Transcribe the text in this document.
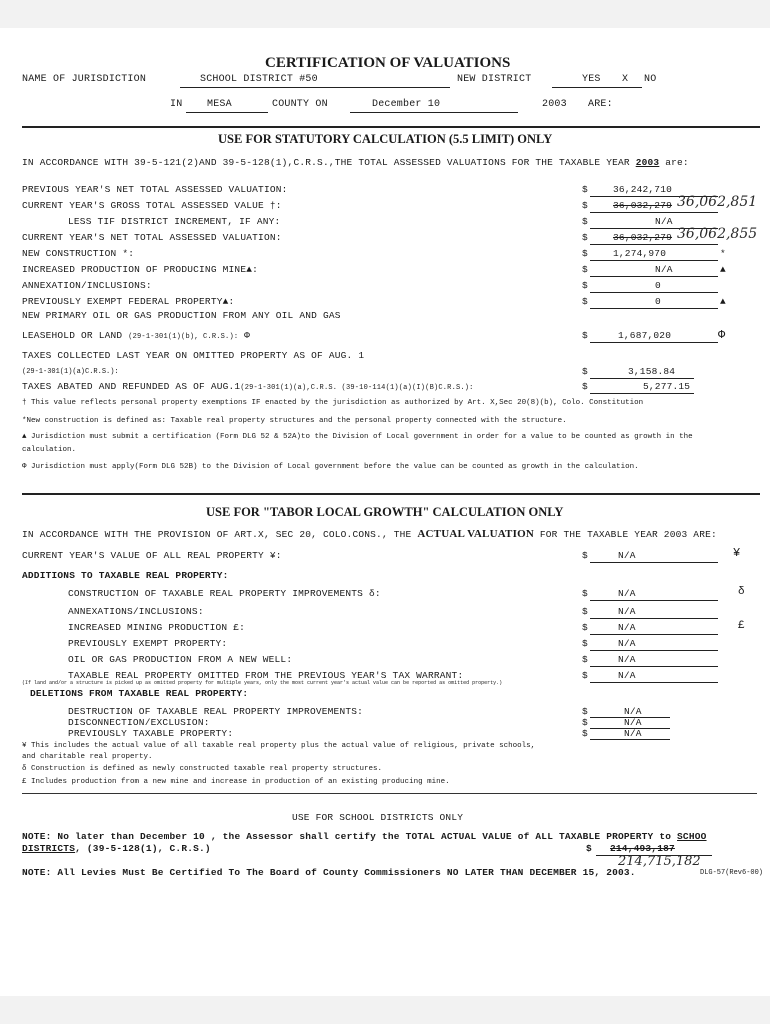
CERTIFICATION OF VALUATIONS
NAME OF JURISDICTION	SCHOOL DISTRICT #50	NEW DISTRICT	YES X NO
IN MESA	COUNTY ON	December 10	2003 ARE:
USE FOR STATUTORY CALCULATION (5.5 LIMIT) ONLY
IN ACCORDANCE WITH 39-5-121(2)AND 39-5-128(1),C.R.S.,THE TOTAL ASSESSED VALUATIONS FOR THE TAXABLE YEAR 2003 are:
PREVIOUS YEAR'S NET TOTAL ASSESSED VALUATION:	$	36,242,710
CURRENT YEAR'S GROSS TOTAL ASSESSED VALUE †:	$	36,032,279 36,062,851
LESS TIF DISTRICT INCREMENT, IF ANY:	$	N/A
CURRENT YEAR'S NET TOTAL ASSESSED VALUATION:	$	36,032,279 36,062,855
NEW CONSTRUCTION *:	$	1,274,970	*
INCREASED PRODUCTION OF PRODUCING MINE▲:	$	N/A	▲
ANNEXATION/INCLUSIONS:	$	0
PREVIOUSLY EXEMPT FEDERAL PROPERTY▲:	$	0	▲
NEW PRIMARY OIL OR GAS PRODUCTION FROM ANY OIL AND GAS
LEASEHOLD OR LAND (29-1-301(1)(b), C.R.S.): Φ	$	1,687,020	Φ
TAXES COLLECTED LAST YEAR ON OMITTED PROPERTY AS OF AUG. 1
(29-1-301(1)(a)C.R.S.):	$	3,158.84
TAXES ABATED AND REFUNDED AS OF AUG.1(29-1-301(1)(a),C.R.S. (39-10-114(1)(a)(I)(B)C.R.S.):	$	5,277.15
† This value reflects personal property exemptions IF enacted by the jurisdiction as authorized by Art. X,Sec 20(8)(b), Colo. Constitution
*New construction is defined as: Taxable real property structures and the personal property connected with the structure.
▲ Jurisdiction must submit a certification (Form DLG 52 & 52A)to the Division of Local government in order for a value to be counted as growth in the
calculation.
Φ Jurisdiction must apply(Form DLG 52B) to the Division of Local government before the value can be counted as growth in the calculation.
USE FOR "TABOR LOCAL GROWTH" CALCULATION ONLY
IN ACCORDANCE WITH THE PROVISION OF ART.X, SEC 20, COLO.CONS., THE ACTUAL VALUATION FOR THE TAXABLE YEAR 2003 ARE:
CURRENT YEAR'S VALUE OF ALL REAL PROPERTY ¥:	$	N/A	¥
ADDITIONS TO TAXABLE REAL PROPERTY:
CONSTRUCTION OF TAXABLE REAL PROPERTY IMPROVEMENTS δ:	$	N/A	δ
ANNEXATIONS/INCLUSIONS:	$	N/A
INCREASED MINING PRODUCTION £:	$	N/A	£
PREVIOUSLY EXEMPT PROPERTY:	$	N/A
OIL OR GAS PRODUCTION FROM A NEW WELL:	$	N/A
TAXABLE REAL PROPERTY OMITTED FROM THE PREVIOUS YEAR'S TAX WARRANT:	$	N/A
(If land and/or a structure is picked up as omitted property for multiple years, only the most current year's actual value can be reported as omitted property.)
DELETIONS FROM TAXABLE REAL PROPERTY:
DESTRUCTION OF TAXABLE REAL PROPERTY IMPROVEMENTS:	$	N/A
DISCONNECTION/EXCLUSION:	$	N/A
PREVIOUSLY TAXABLE PROPERTY:	$	N/A
¥ This includes the actual value of all taxable real property plus the actual value of religious, private schools,
and charitable real property.
δ Construction is defined as newly constructed taxable real property structures.
£ Includes production from a new mine and increase in production of an existing producing mine.
USE FOR SCHOOL DISTRICTS ONLY
NOTE: No later than December 10 , the Assessor shall certify the TOTAL ACTUAL VALUE of ALL TAXABLE PROPERTY to SCHOO
DISTRICTS, (39-5-128(1), C.R.S.)	$ 214,493,187
214,715,182
NOTE: All Levies Must Be Certified To The Board of County Commissioners NO LATER THAN DECEMBER 15, 2003.	DLG-57(Rev6-00)
